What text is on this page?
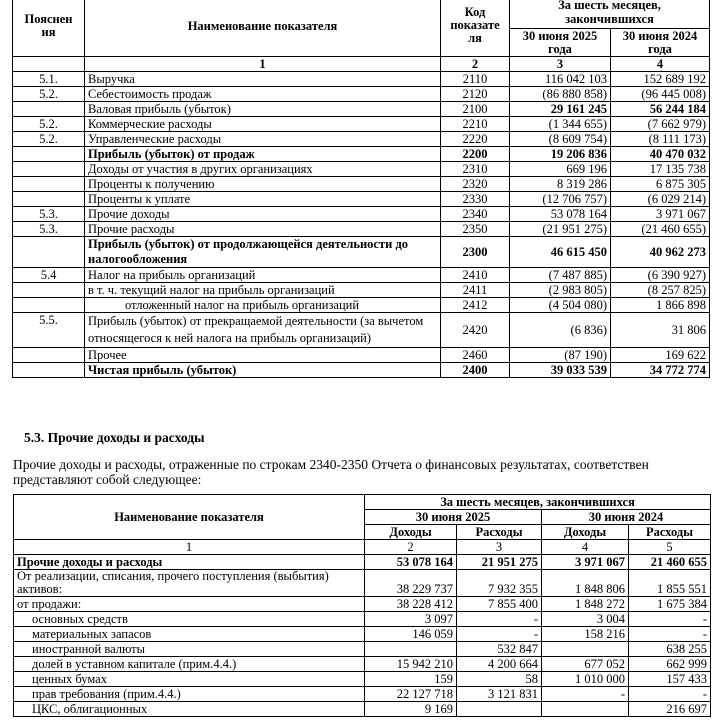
Пояснен ия	Наименование показателя	Код показате ля	За шесть месяцев, закончившихся	
			30 июня 2025 года	30 июня 2024 года
	1	2	3	4
5.1.	Выручка	2110	116 042 103	152 689 192
5.2.	Себестоимость продаж	2120	(86 880 858)	(96 445 008)
	Валовая прибыль (убыток)	2100	29 161 245	56 244 184
5.2.	Коммерческие расходы	2210	(1 344 655)	(7 662 979)
5.2.	Управленческие расходы	2220	(8 609 754)	(8 111 173)
	Прибыль (убыток) от продаж	2200	19 206 836	40 470 032
	Доходы от участия в других организациях	2310	669 196	17 135 738
	Проценты к получению	2320	8 319 286	6 875 305
	Проценты к уплате	2330	(12 706 757)	(6 029 214)
5.3.	Прочие доходы	2340	53 078 164	3 971 067
5.3.	Прочие расходы	2350	(21 951 275)	(21 460 655)
	Прибыль (убыток) от продолжающейся деятельности до налогообложения	2300	46 615 450	40 962 273
5.4	Налог на прибыль организаций	2410	(7 487 885)	(6 390 927)
	в т. ч. текущий налог на прибыль организаций	2411	(2 983 805)	(8 257 825)
	отложенный налог на прибыль организаций	2412	(4 504 080)	1 866 898
5.5.	Прибыль (убыток) от прекращаемой деятельности (за вычетом относящегося к ней налога на прибыль организаций)	2420	(6 836)	31 806
	Прочее	2460	(87 190)	169 622
	Чистая прибыль (убыток)	2400	39 033 539	34 772 774
5.3. Прочие доходы и расходы
Прочие доходы и расходы, отраженные по строкам 2340-2350 Отчета о финансовых результатах, соответствен
представляют собой следующее:
Наименование показателя	За шесть месяцев, закончившихся			
	30 июня 2025		30 июня 2024	
	Доходы	Расходы	Доходы	Расходы
1	2	3	4	5
Прочие доходы и расходы	53 078 164	21 951 275	3 971 067	21 460 655
От реализации, списания, прочего поступления (выбытия) активов:	38 229 737	7 932 355	1 848 806	1 855 551
от продажи:	38 228 412	7 855 400	1 848 272	1 675 384
основных средств	3 097	-	3 004	-
материальных запасов	146 059	-	158 216	-
иностранной валюты		532 847		638 255
долей в уставном капитале (прим.4.4.)	15 942 210	4 200 664	677 052	662 999
ценных бумах	159	58	1 010 000	157 433
прав требования (прим.4.4.)	22 127 718	3 121 831	-	-
ЦКС, облигационных	9 169			216 697
